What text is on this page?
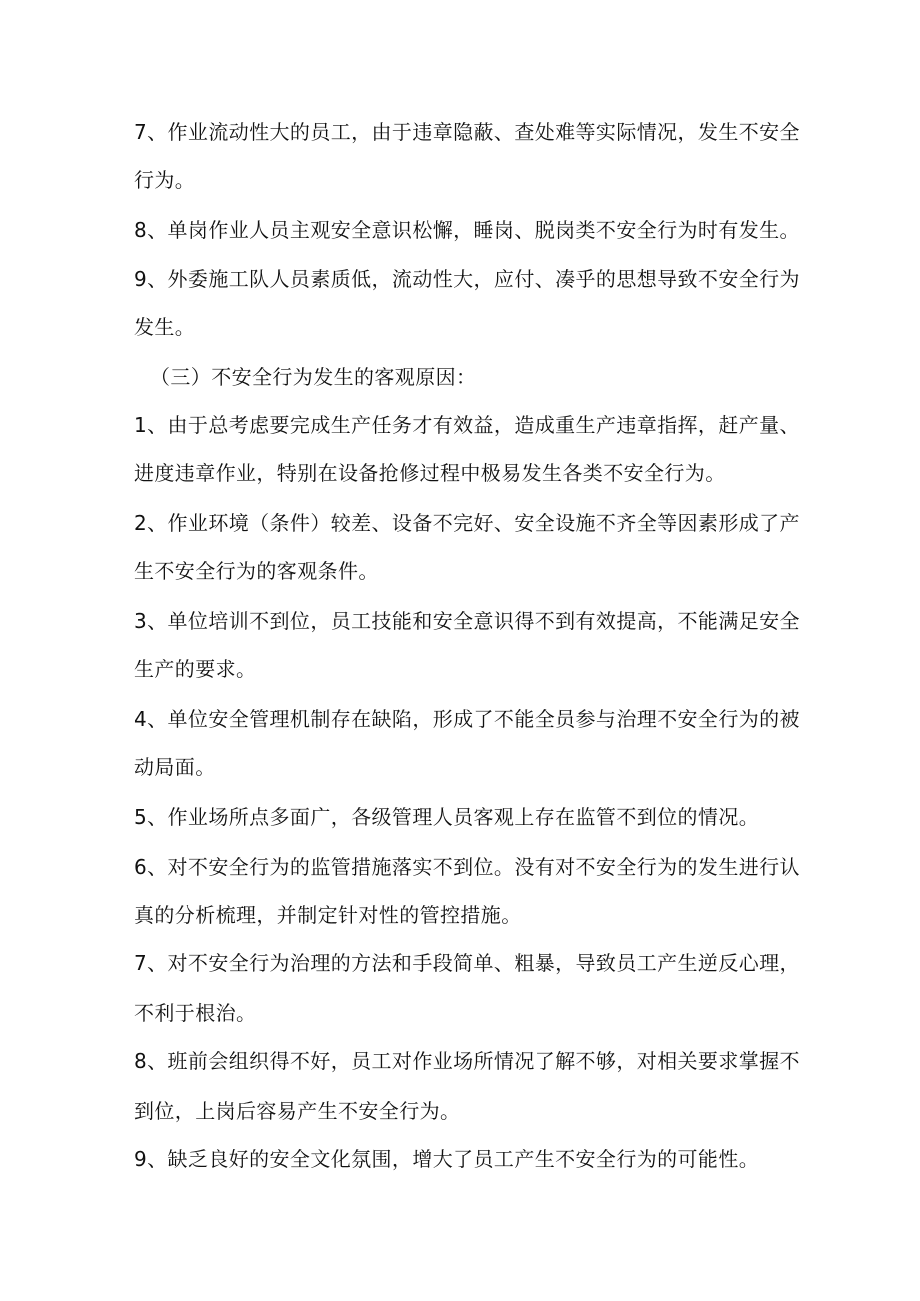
7、作业流动性大的员工，由于违章隐蔽、查处难等实际情况，发生不安全
行为。
8、单岗作业人员主观安全意识松懈，睡岗、脱岗类不安全行为时有发生。
9、外委施工队人员素质低，流动性大，应付、凑乎的思想导致不安全行为
发生。
（三）不安全行为发生的客观原因：
1、由于总考虑要完成生产任务才有效益，造成重生产违章指挥，赶产量、
进度违章作业，特别在设备抢修过程中极易发生各类不安全行为。
2、作业环境（条件）较差、设备不完好、安全设施不齐全等因素形成了产
生不安全行为的客观条件。
3、单位培训不到位，员工技能和安全意识得不到有效提高，不能满足安全
生产的要求。
4、单位安全管理机制存在缺陷，形成了不能全员参与治理不安全行为的被
动局面。
5、作业场所点多面广，各级管理人员客观上存在监管不到位的情况。
6、对不安全行为的监管措施落实不到位。没有对不安全行为的发生进行认
真的分析梳理，并制定针对性的管控措施。
7、对不安全行为治理的方法和手段简单、粗暴，导致员工产生逆反心理，
不利于根治。
8、班前会组织得不好，员工对作业场所情况了解不够，对相关要求掌握不
到位，上岗后容易产生不安全行为。
9、缺乏良好的安全文化氛围，增大了员工产生不安全行为的可能性。
